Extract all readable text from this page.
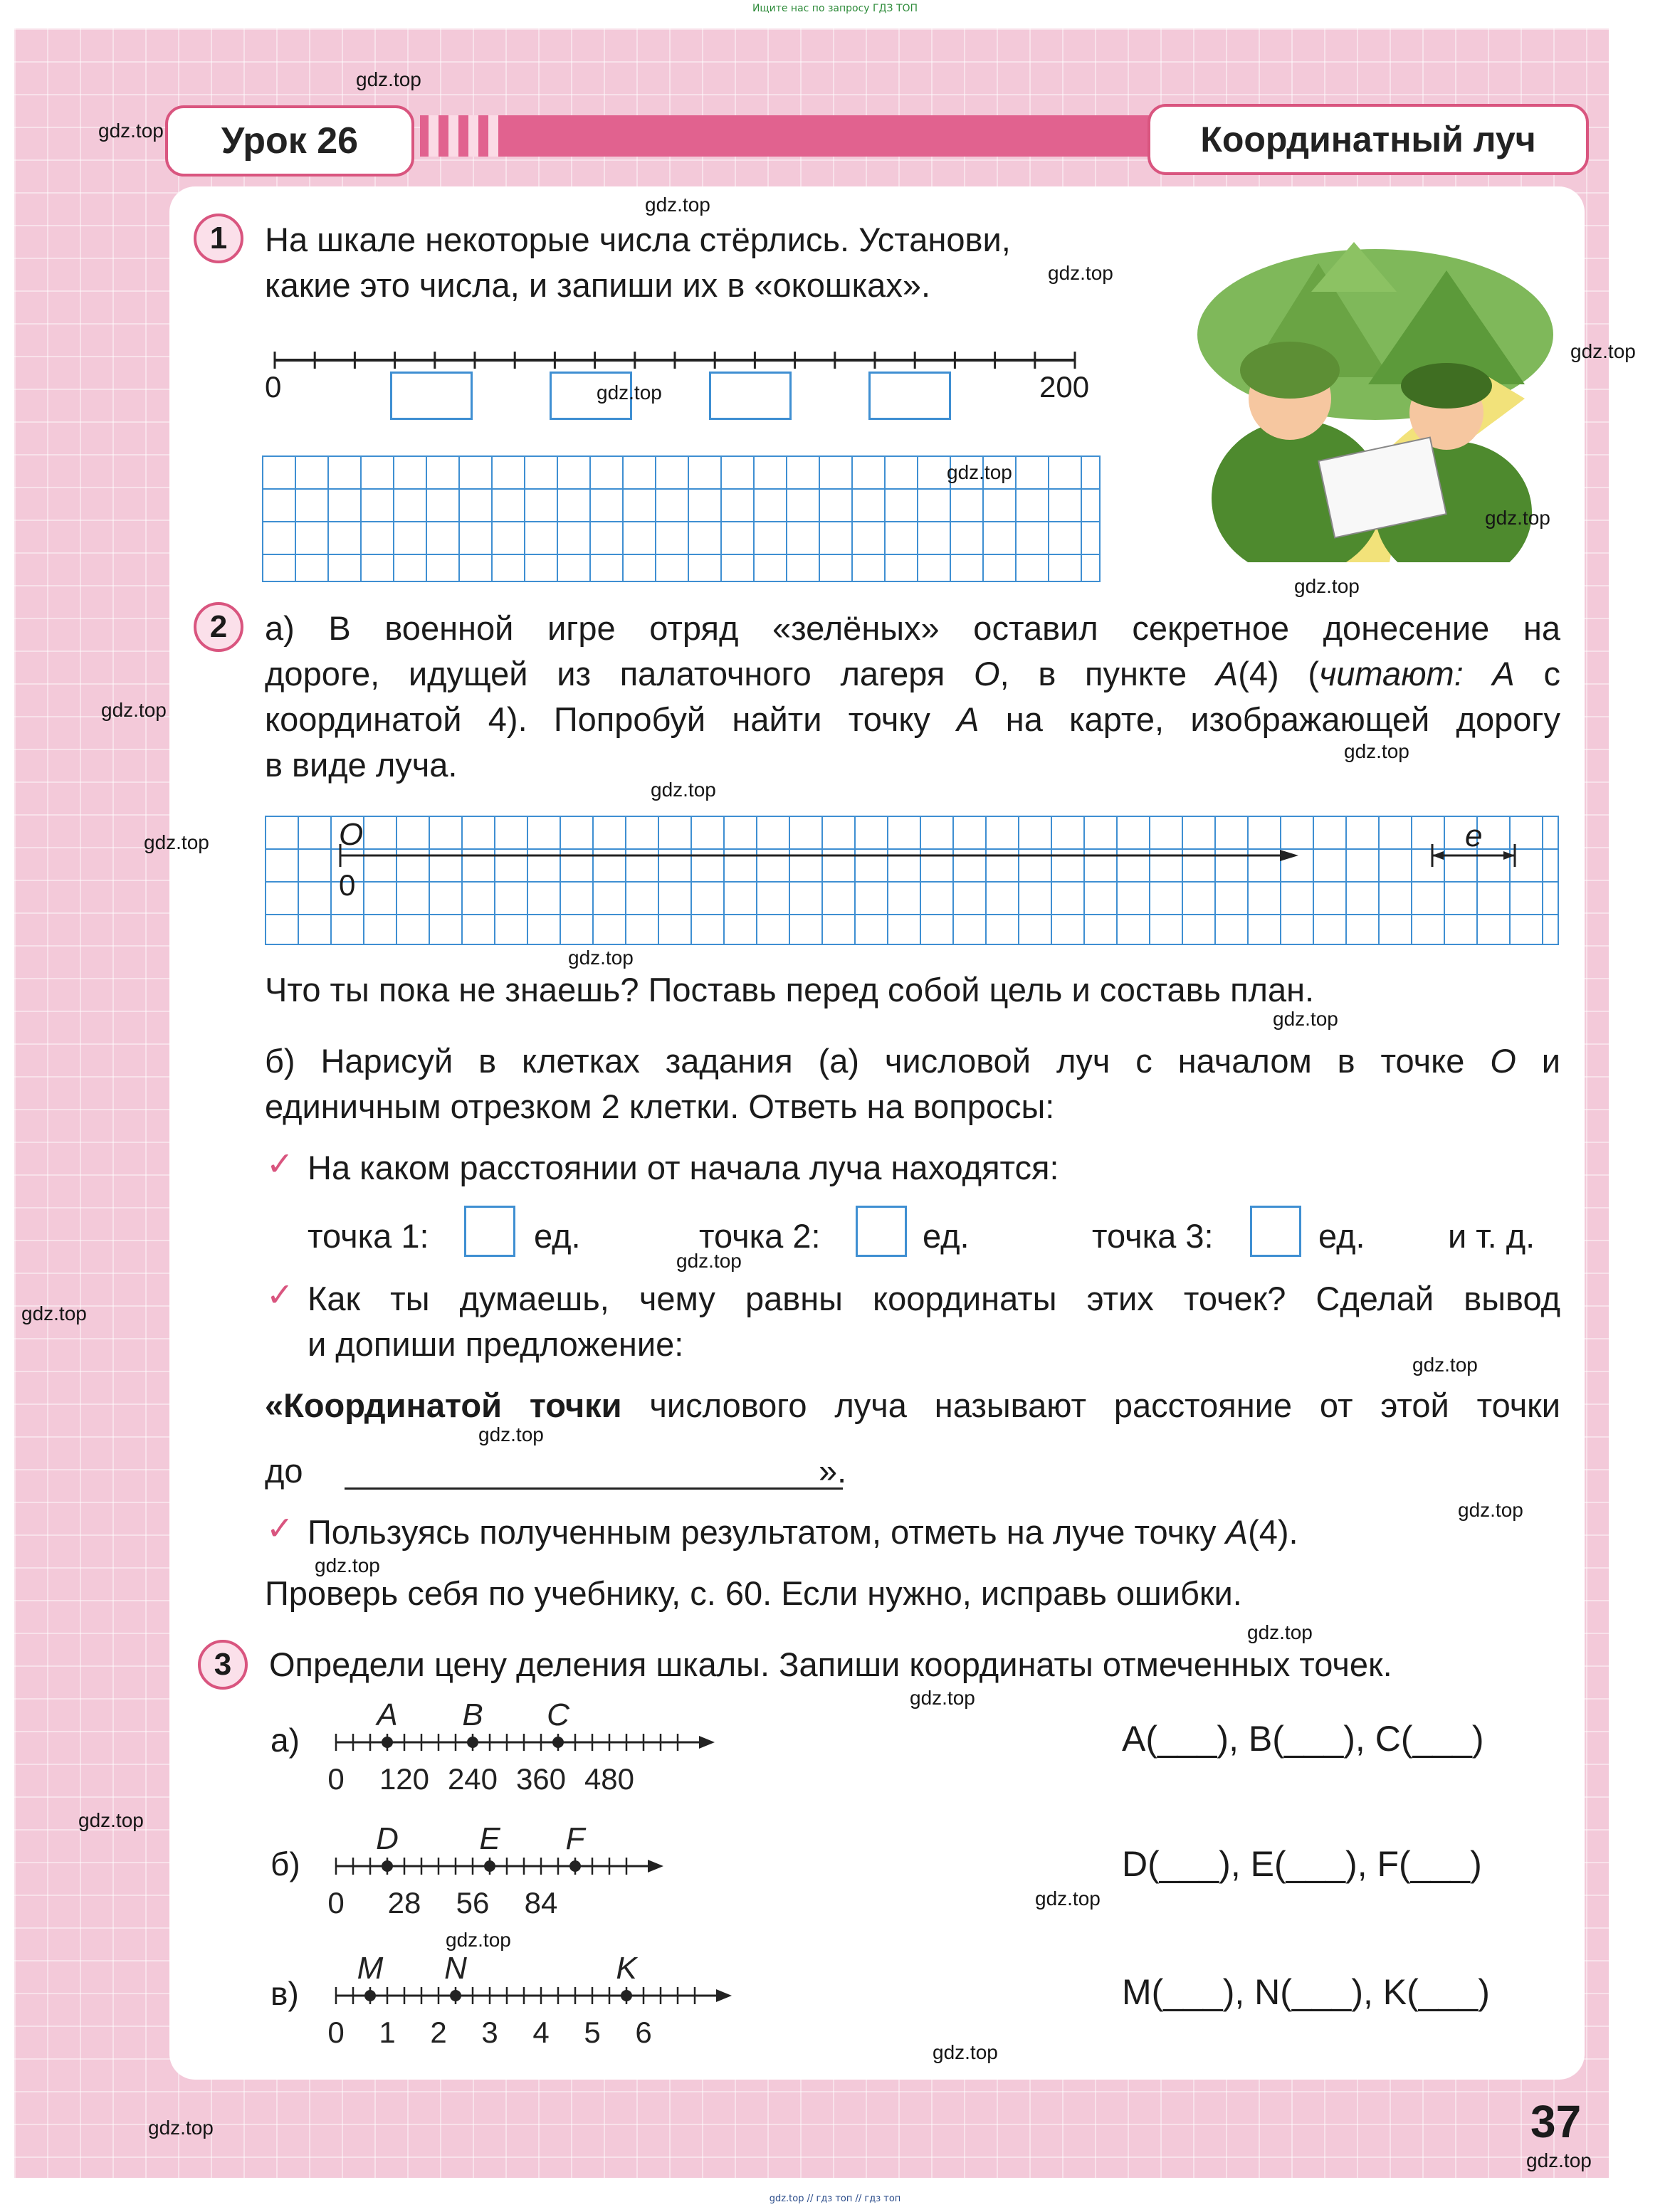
Ищите нас по запросу ГДЗ ТОП
gdz.top // гдз топ // гдз топ
Урок 26	Координатный луч
1	На шкале некоторые числа стёрлись. Установи,
какие это числа, и запиши их в «окошках».
0	200
2	а) В военной игре отряд «зелёных» оставил секретное донесение на
дороге, идущей из палаточного лагеря O, в пункте A(4) (читают: A с
координатой 4). Попробуй найти точку A на карте, изображающей дорогу
в виде луча.
O
0
e
Что ты пока не знаешь? Поставь перед собой цель и составь план.
б) Нарисуй в клетках задания (а) числовой луч с началом в точке O и
единичным отрезком 2 клетки. Ответь на вопросы:
✓ На каком расстоянии от начала луча находятся:
точка 1:	ед.	точка 2:	ед.	точка 3:	ед. и т. д.
✓ Как ты думаешь, чему равны координаты этих точек? Сделай вывод
и допиши предложение:
«Координатой точки числового луча называют расстояние от этой точки
до	».
✓ Пользуясь полученным результатом, отметь на луче точку A(4).
Проверь себя по учебнику, с. 60. Если нужно, исправь ошибки.
3	Определи цену деления шкалы. Запиши координаты отмеченных точек.
а)
б)
в)
0 120 240 360 480
A B C
0 28 56 84
D	E F
0 1 2 3 4 5 6
M N	K
A(___), B(___), C(___)
D(___), E(___), F(___)
M(___), N(___), K(___)
37
gdz.top
gdz.top
gdz.top
gdz.top
gdz.top
gdz.top
gdz.top
gdz.top
gdz.top
gdz.top
gdz.top
gdz.top
gdz.top
gdz.top
gdz.top
gdz.top
gdz.top
gdz.top
gdz.top
gdz.top
gdz.top
gdz.top
gdz.top
gdz.top
gdz.top
gdz.top
gdz.top
gdz.top
gdz.top
